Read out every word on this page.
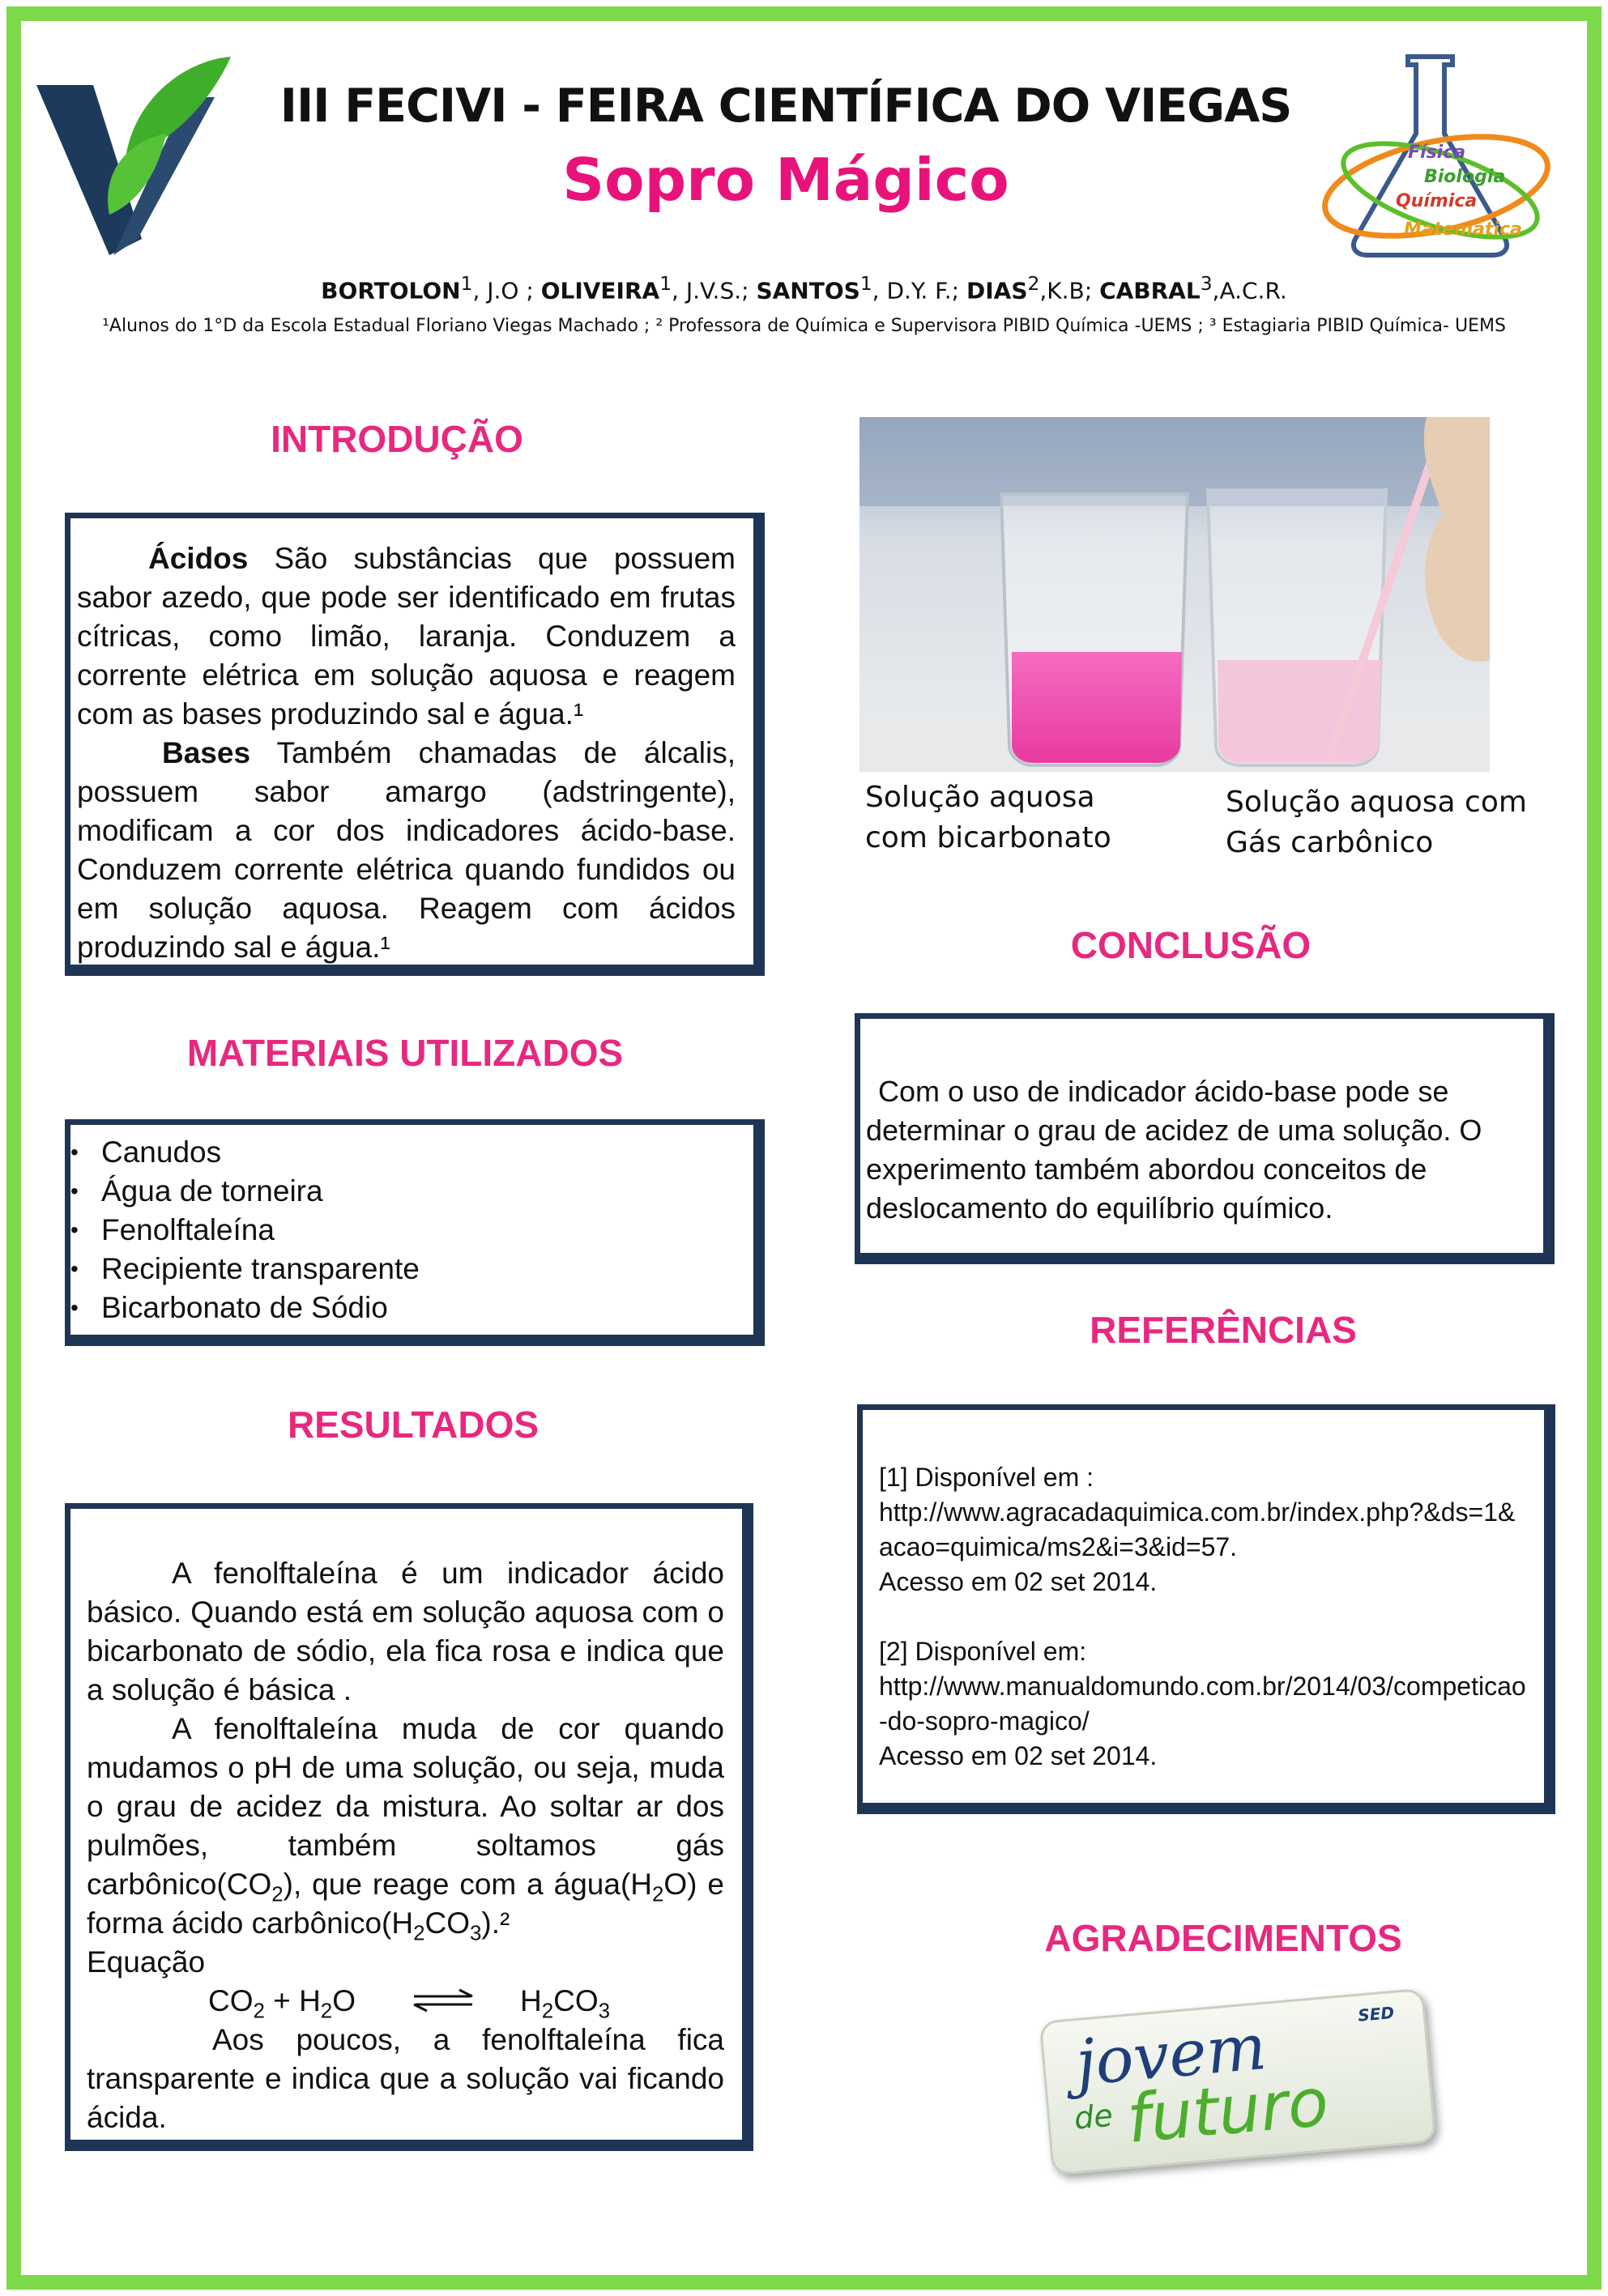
III FECIVI - FEIRA CIENTÍFICA DO VIEGAS
Sopro Mágico	Física
Biologia
Química
Matemática
BORTOLON$^1$, J.O ; OLIVEIRA$^1$, J.V.S.; SANTOS$^1$, D.Y. F.; DIAS$^2$,K.B; CABRAL$^3$,A.C.R.
¹Alunos do 1°D da Escola Estadual Floriano Viegas Machado ; ² Professora de Química e Supervisora PIBID Química -UEMS ; ³ Estagiaria PIBID Química- UEMS
INTRODUÇÃO

Ácidos São substâncias que possuem sabor azedo, que pode ser identificado em frutas cítricas, como limão, laranja. Conduzem a corrente elétrica em solução aquosa e reagem com as bases produzindo sal e água.¹

Bases Também chamadas de álcalis, possuem sabor amargo (adstringente), modificam a cor dos indicadores ácido-base. Conduzem corrente elétrica quando fundidos ou em solução aquosa. Reagem com ácidos produzindo sal e água.¹

MATERIAIS UTILIZADOS
• Canudos
• Água de torneira
• Fenolftaleína
• Recipiente transparente
• Bicarbonato de Sódio
RESULTADOS

A fenolftaleína é um indicador ácido básico. Quando está em solução aquosa com o bicarbonato de sódio, ela fica rosa e indica que a solução é básica .

A fenolftaleína muda de cor quando mudamos o pH de uma solução, ou seja, muda o grau de acidez da mistura. Ao soltar ar dos pulmões, também soltamos gás $carbônico(CO_2)$, que reage com a $água(H_2O)$ e forma ácido $carbônico(H_2CO_3).^2$

Equação

$CO_2 + H_2O$ ⇌ $H_2CO_3$

Aos poucos, a fenolftaleína fica transparente e indica que a solução vai ficando ácida.

Solução aquosa com bicarbonato
Solução aquosa com Gás carbônico
CONCLUSÃO

Com o uso de indicador ácido-base pode se determinar o grau de acidez de uma solução. O experimento também abordou conceitos de deslocamento do equilíbrio químico.

REFERÊNCIAS
[1] Disponível em :
http://www.agracadaquimica.com.br/index.php?&ds=1&acao=quimica/ms2&i=3&id=57.
Acesso em 02 set 2014.
[2] Disponível em:
http://www.manualdomundo.com.br/2014/03/competicao-do-sopro-magico/
Acesso em 02 set 2014.
AGRADECIMENTOS
jovem
de futuro
SED
